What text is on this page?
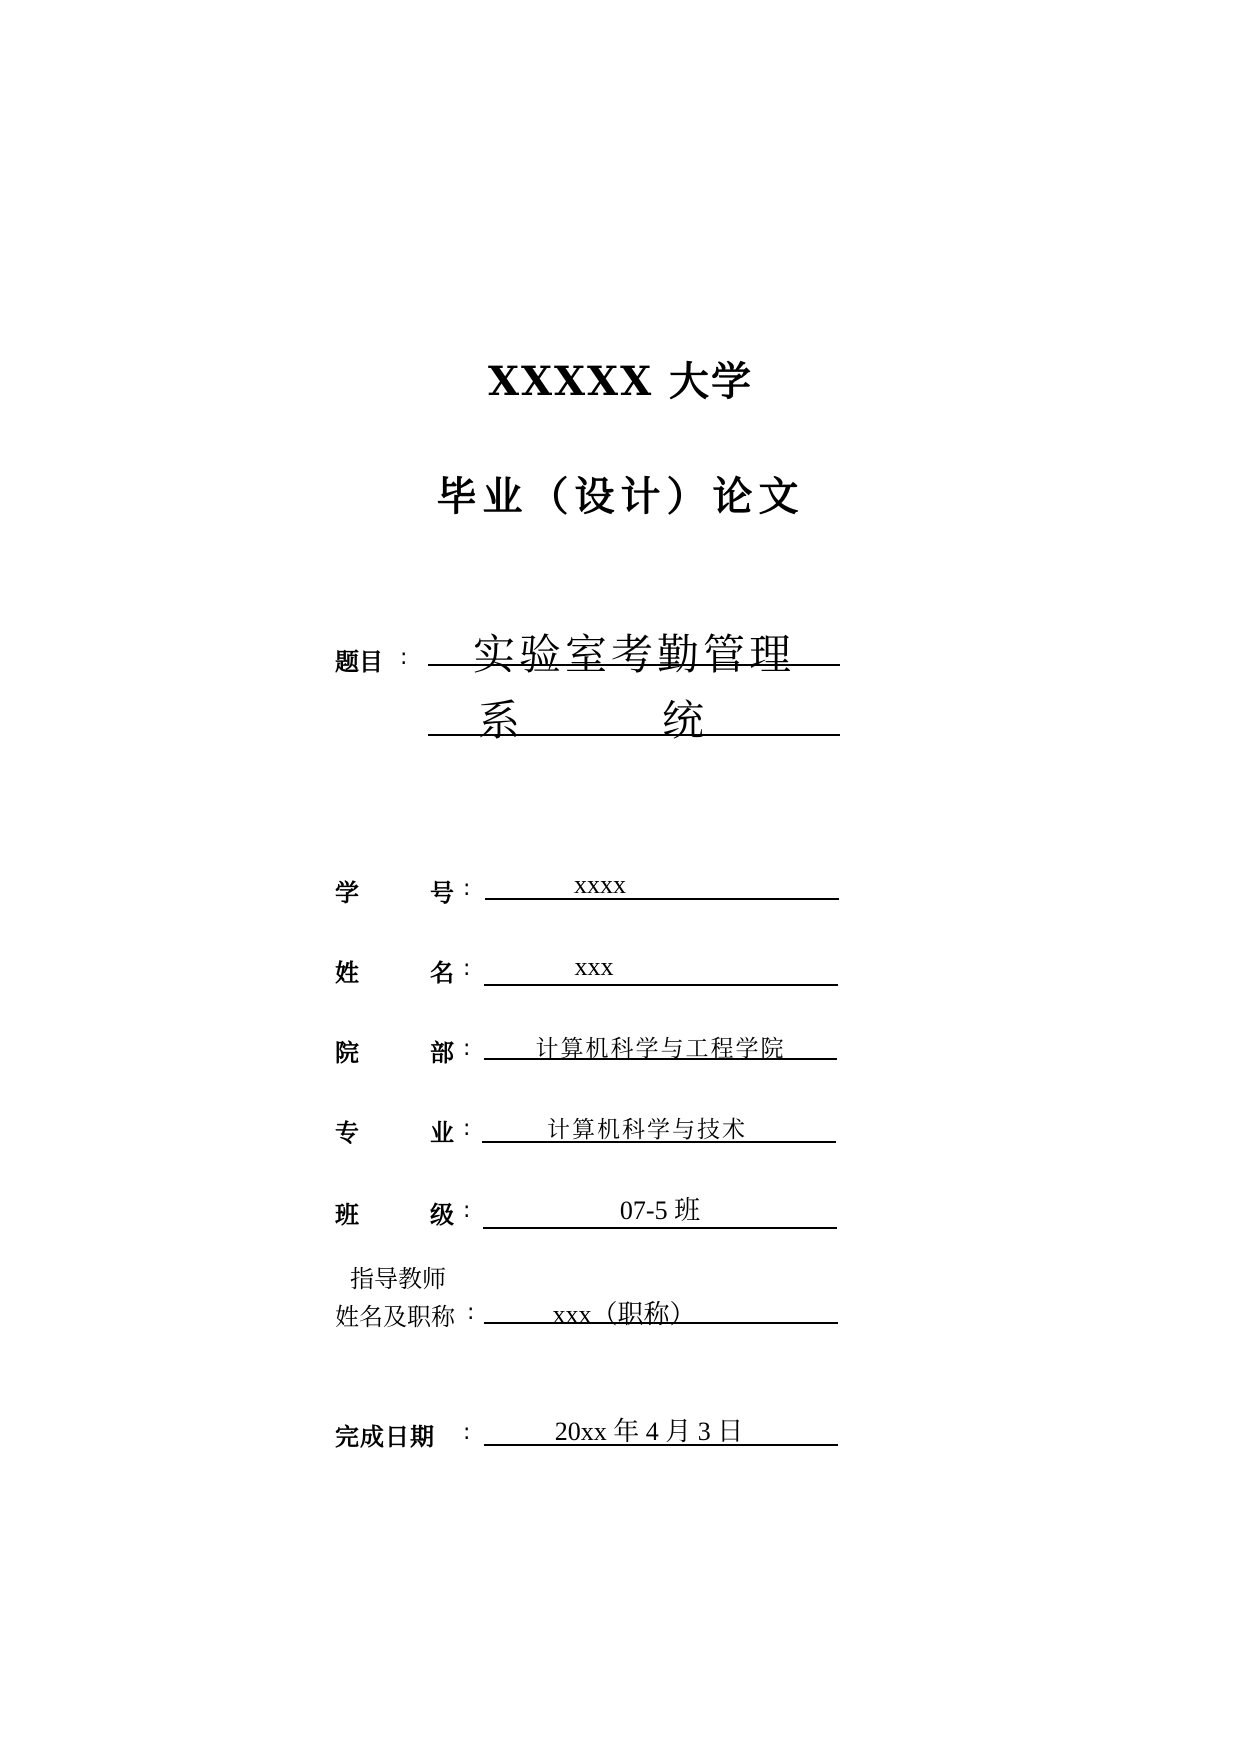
XXXXX 大学
毕业（设计）论文
题目 :	实验室考勤管理
系　　　统
学	号 :	xxxx
姓	名 :	xxx
院	部 :	计算机科学与工程学院
专	业 :	计算机科学与技术
班	级 :	07-5 班
指导教师
姓名及职称 :	xxx（职称）
完成日期 :	20xx 年 4 月 3 日
